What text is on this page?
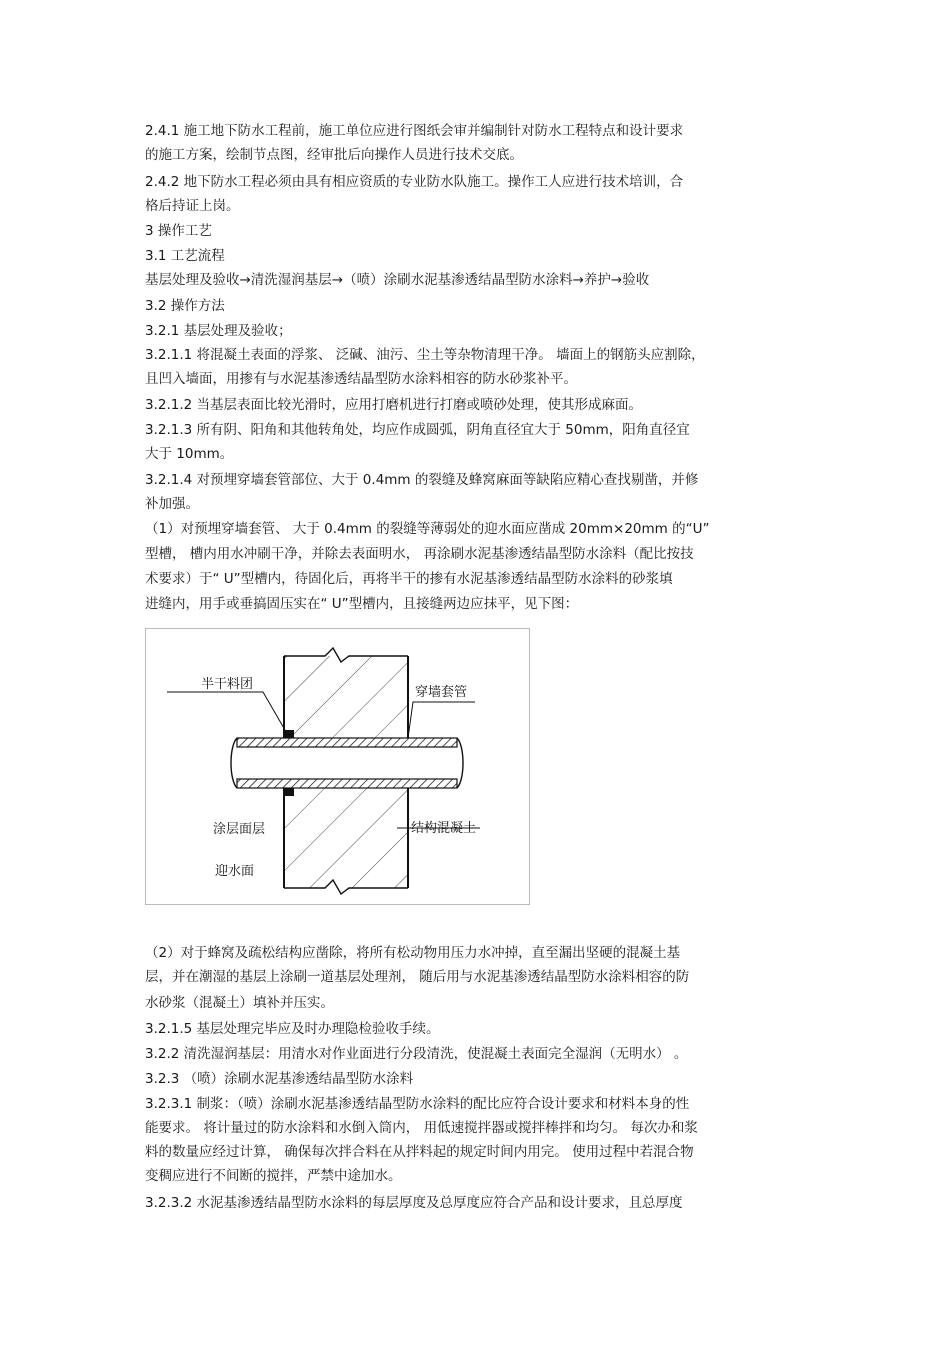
2.4.1 施工地下防水工程前，施工单位应进行图纸会审并编制针对防水工程特点和设计要求
的施工方案，绘制节点图，经审批后向操作人员进行技术交底。
2.4.2 地下防水工程必须由具有相应资质的专业防水队施工。操作工人应进行技术培训，合
格后持证上岗。
3 操作工艺
3.1 工艺流程
基层处理及验收→清洗湿润基层→（喷）涂刷水泥基渗透结晶型防水涂料→养护→验收
3.2 操作方法
3.2.1 基层处理及验收；
3.2.1.1 将混凝土表面的浮浆、 泛碱、油污、尘土等杂物清理干净。 墙面上的钢筋头应割除，
且凹入墙面，用掺有与水泥基渗透结晶型防水涂料相容的防水砂浆补平。
3.2.1.2 当基层表面比较光滑时，应用打磨机进行打磨或喷砂处理，使其形成麻面。
3.2.1.3 所有阴、阳角和其他转角处，均应作成圆弧，阴角直径宜大于 50mm，阳角直径宜
大于 10mm。
3.2.1.4 对预埋穿墙套管部位、大于 0.4mm 的裂缝及蜂窝麻面等缺陷应精心查找剔凿，并修
补加强。
（1）对预埋穿墙套管、 大于 0.4mm 的裂缝等薄弱处的迎水面应凿成 20mm×20mm 的“U”
型槽， 槽内用水冲刷干净，并除去表面明水， 再涂刷水泥基渗透结晶型防水涂料（配比按技
术要求）于“ U”型槽内，待固化后，再将半干的掺有水泥基渗透结晶型防水涂料的砂浆填
进缝内，用手或垂搞固压实在“ U”型槽内，且接缝两边应抹平，见下图：
半干料团
穿墙套管
涂层面层	结构混凝土
迎水面
（2）对于蜂窝及疏松结构应凿除，将所有松动物用压力水冲掉，直至漏出坚硬的混凝土基
层，并在潮湿的基层上涂刷一道基层处理剂， 随后用与水泥基渗透结晶型防水涂料相容的防
水砂浆（混凝土）填补并压实。
3.2.1.5 基层处理完毕应及时办理隐检验收手续。
3.2.2 清洗湿润基层：用清水对作业面进行分段清洗，使混凝土表面完全湿润（无明水） 。
3.2.3 （喷）涂刷水泥基渗透结晶型防水涂料
3.2.3.1 制浆：（喷）涂刷水泥基渗透结晶型防水涂料的配比应符合设计要求和材料本身的性
能要求。 将计量过的防水涂料和水倒入筒内， 用低速搅拌器或搅拌棒拌和均匀。 每次办和浆
料的数量应经过计算， 确保每次拌合料在从拌料起的规定时间内用完。 使用过程中若混合物
变稠应进行不间断的搅拌，严禁中途加水。
3.2.3.2 水泥基渗透结晶型防水涂料的每层厚度及总厚度应符合产品和设计要求，且总厚度
